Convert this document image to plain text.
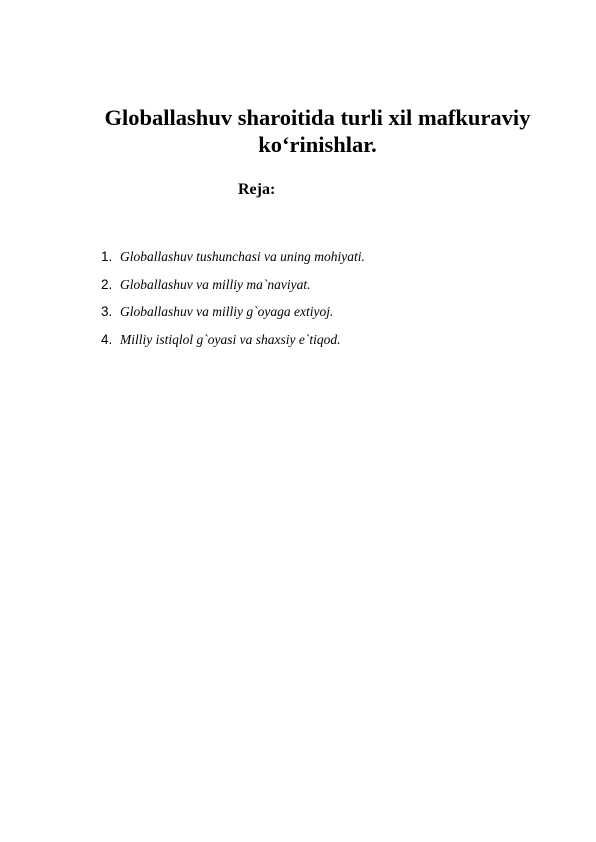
Globallashuv sharoitida turli xil mafkuraviy
ko‘rinishlar.

Reja:

1. Globallashuv tushunchasi va uning mohiyati.
2. Globallashuv va milliy ma`naviyat.
3. Globallashuv va milliy g`oyaga extiyoj.
4. Milliy istiqlol g`oyasi va shaxsiy e`tiqod.
